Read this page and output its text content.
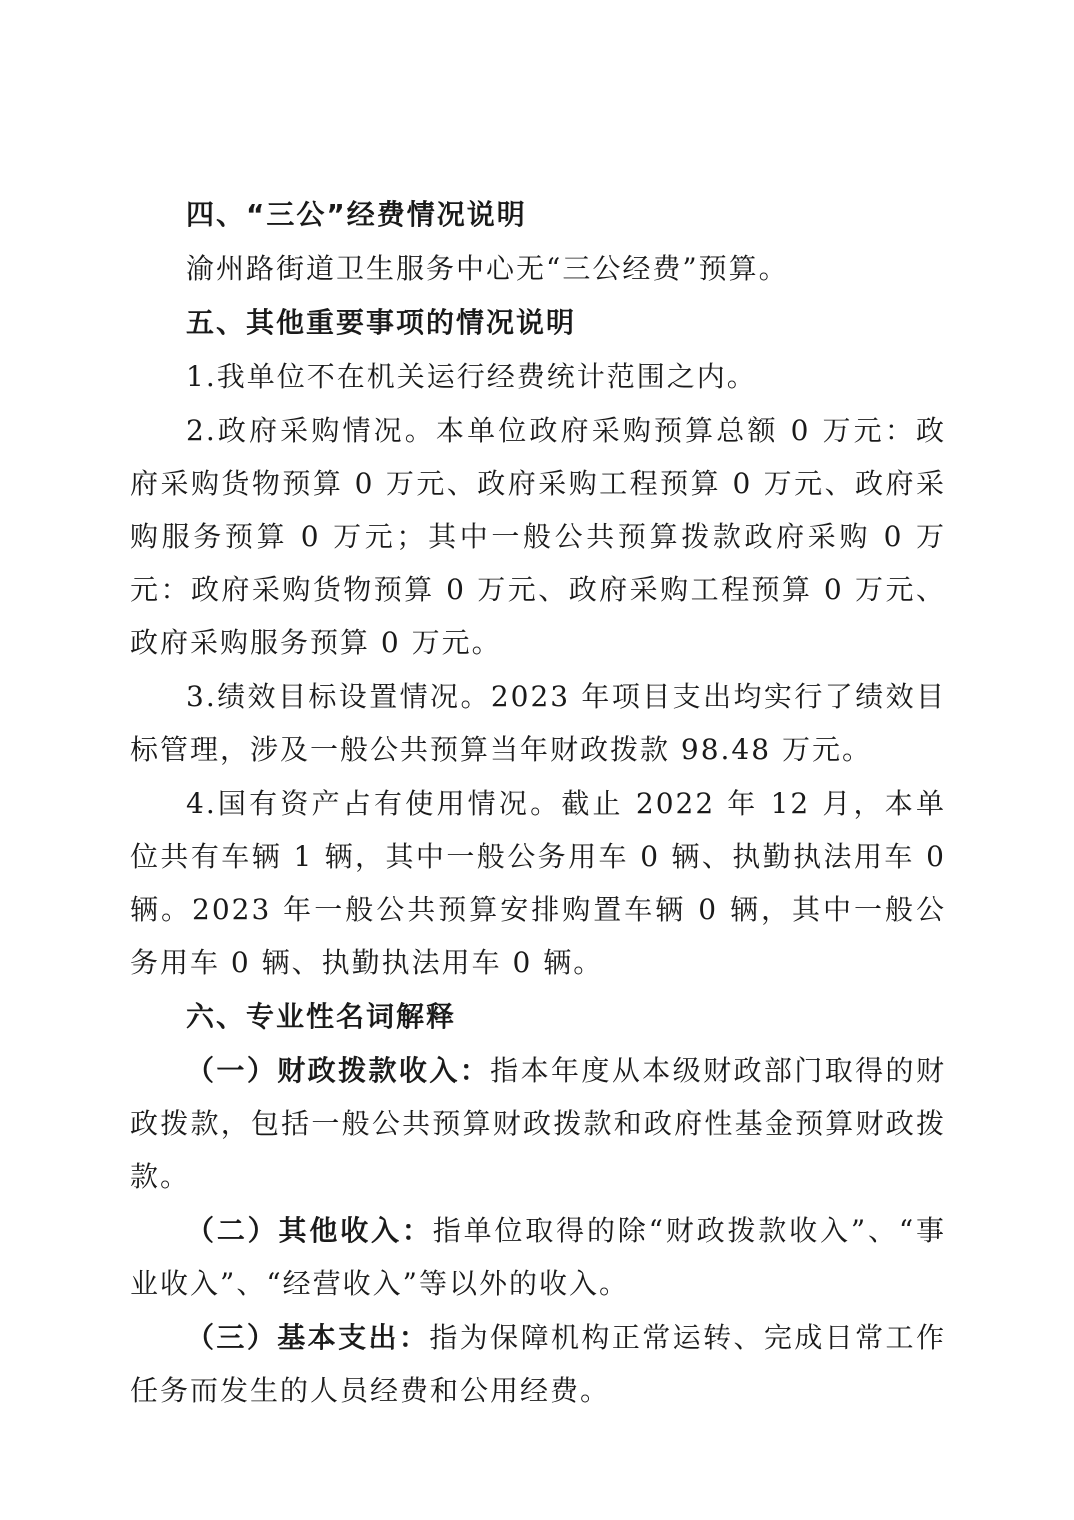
四、“三公”经费情况说明
渝州路街道卫生服务中心无“三公经费”预算。
五、其他重要事项的情况说明
1.我单位不在机关运行经费统计范围之内。
2.政府采购情况。本单位政府采购预算总额 0 万元：政府采购货物预算 0 万元、政府采购工程预算 0 万元、政府采购服务预算 0 万元；其中一般公共预算拨款政府采购 0 万元：政府采购货物预算 0 万元、政府采购工程预算 0 万元、政府采购服务预算 0 万元。
3.绩效目标设置情况。2023 年项目支出均实行了绩效目标管理，涉及一般公共预算当年财政拨款 98.48 万元。
4.国有资产占有使用情况。截止 2022 年 12 月，本单位共有车辆 1 辆，其中一般公务用车 0 辆、执勤执法用车 0 辆。2023 年一般公共预算安排购置车辆 0 辆，其中一般公务用车 0 辆、执勤执法用车 0 辆。
六、专业性名词解释
（一）财政拨款收入：指本年度从本级财政部门取得的财政拨款，包括一般公共预算财政拨款和政府性基金预算财政拨款。
（二）其他收入：指单位取得的除“财政拨款收入”、“事业收入”、“经营收入”等以外的收入。
（三）基本支出：指为保障机构正常运转、完成日常工作任务而发生的人员经费和公用经费。
